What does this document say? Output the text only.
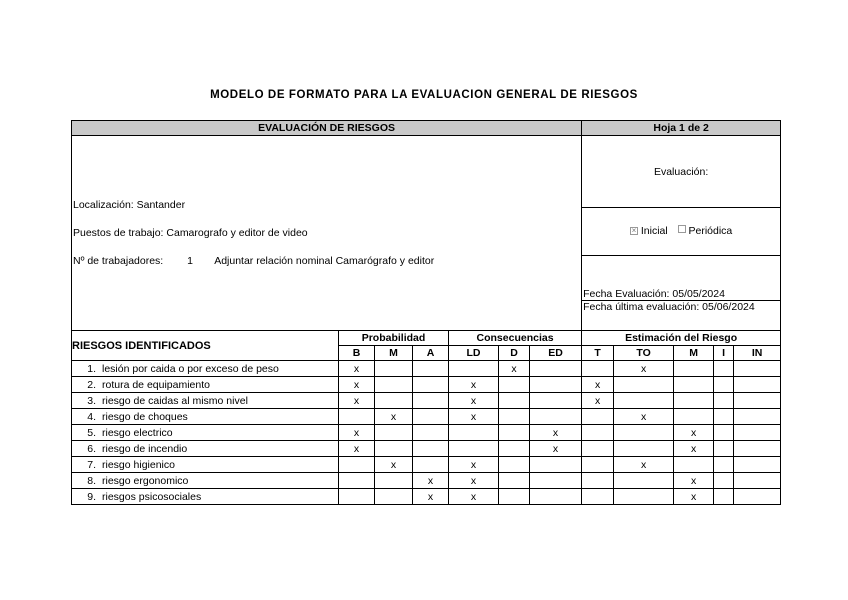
MODELO DE FORMATO PARA LA EVALUACION GENERAL DE RIESGOS
EVALUACIÓN DE RIESGOS							Hoja 1 de 2				

Localización: Santander
Puestos de trabajo: Camarografo y editor de video
Nº de trabajadores: 1 Adjuntar relación nominal Camarógrafo y editor							Evaluación:				
							× Inicial Periódica				
							Fecha Evaluación: 05/05/2024				
							Fecha última evaluación: 05/06/2024				
RIESGOS IDENTIFICADOS	Probabilidad			Consecuencias			Estimación del Riesgo				
	B	M	A	LD	D	ED	T	TO	M	I	IN
1. lesión por caida o por exceso de peso	x				x			x			
2. rotura de equipamiento	x			x			x				
3. riesgo de caidas al mismo nivel	x			x			x				
4. riesgo de choques		x		x				x			
5. riesgo electrico	x					x			x		
6. riesgo de incendio	x					x			x		
7. riesgo higienico		x		x				x			
8. riesgo ergonomico			x	x					x		
9. riesgos psicosociales			x	x					x		
